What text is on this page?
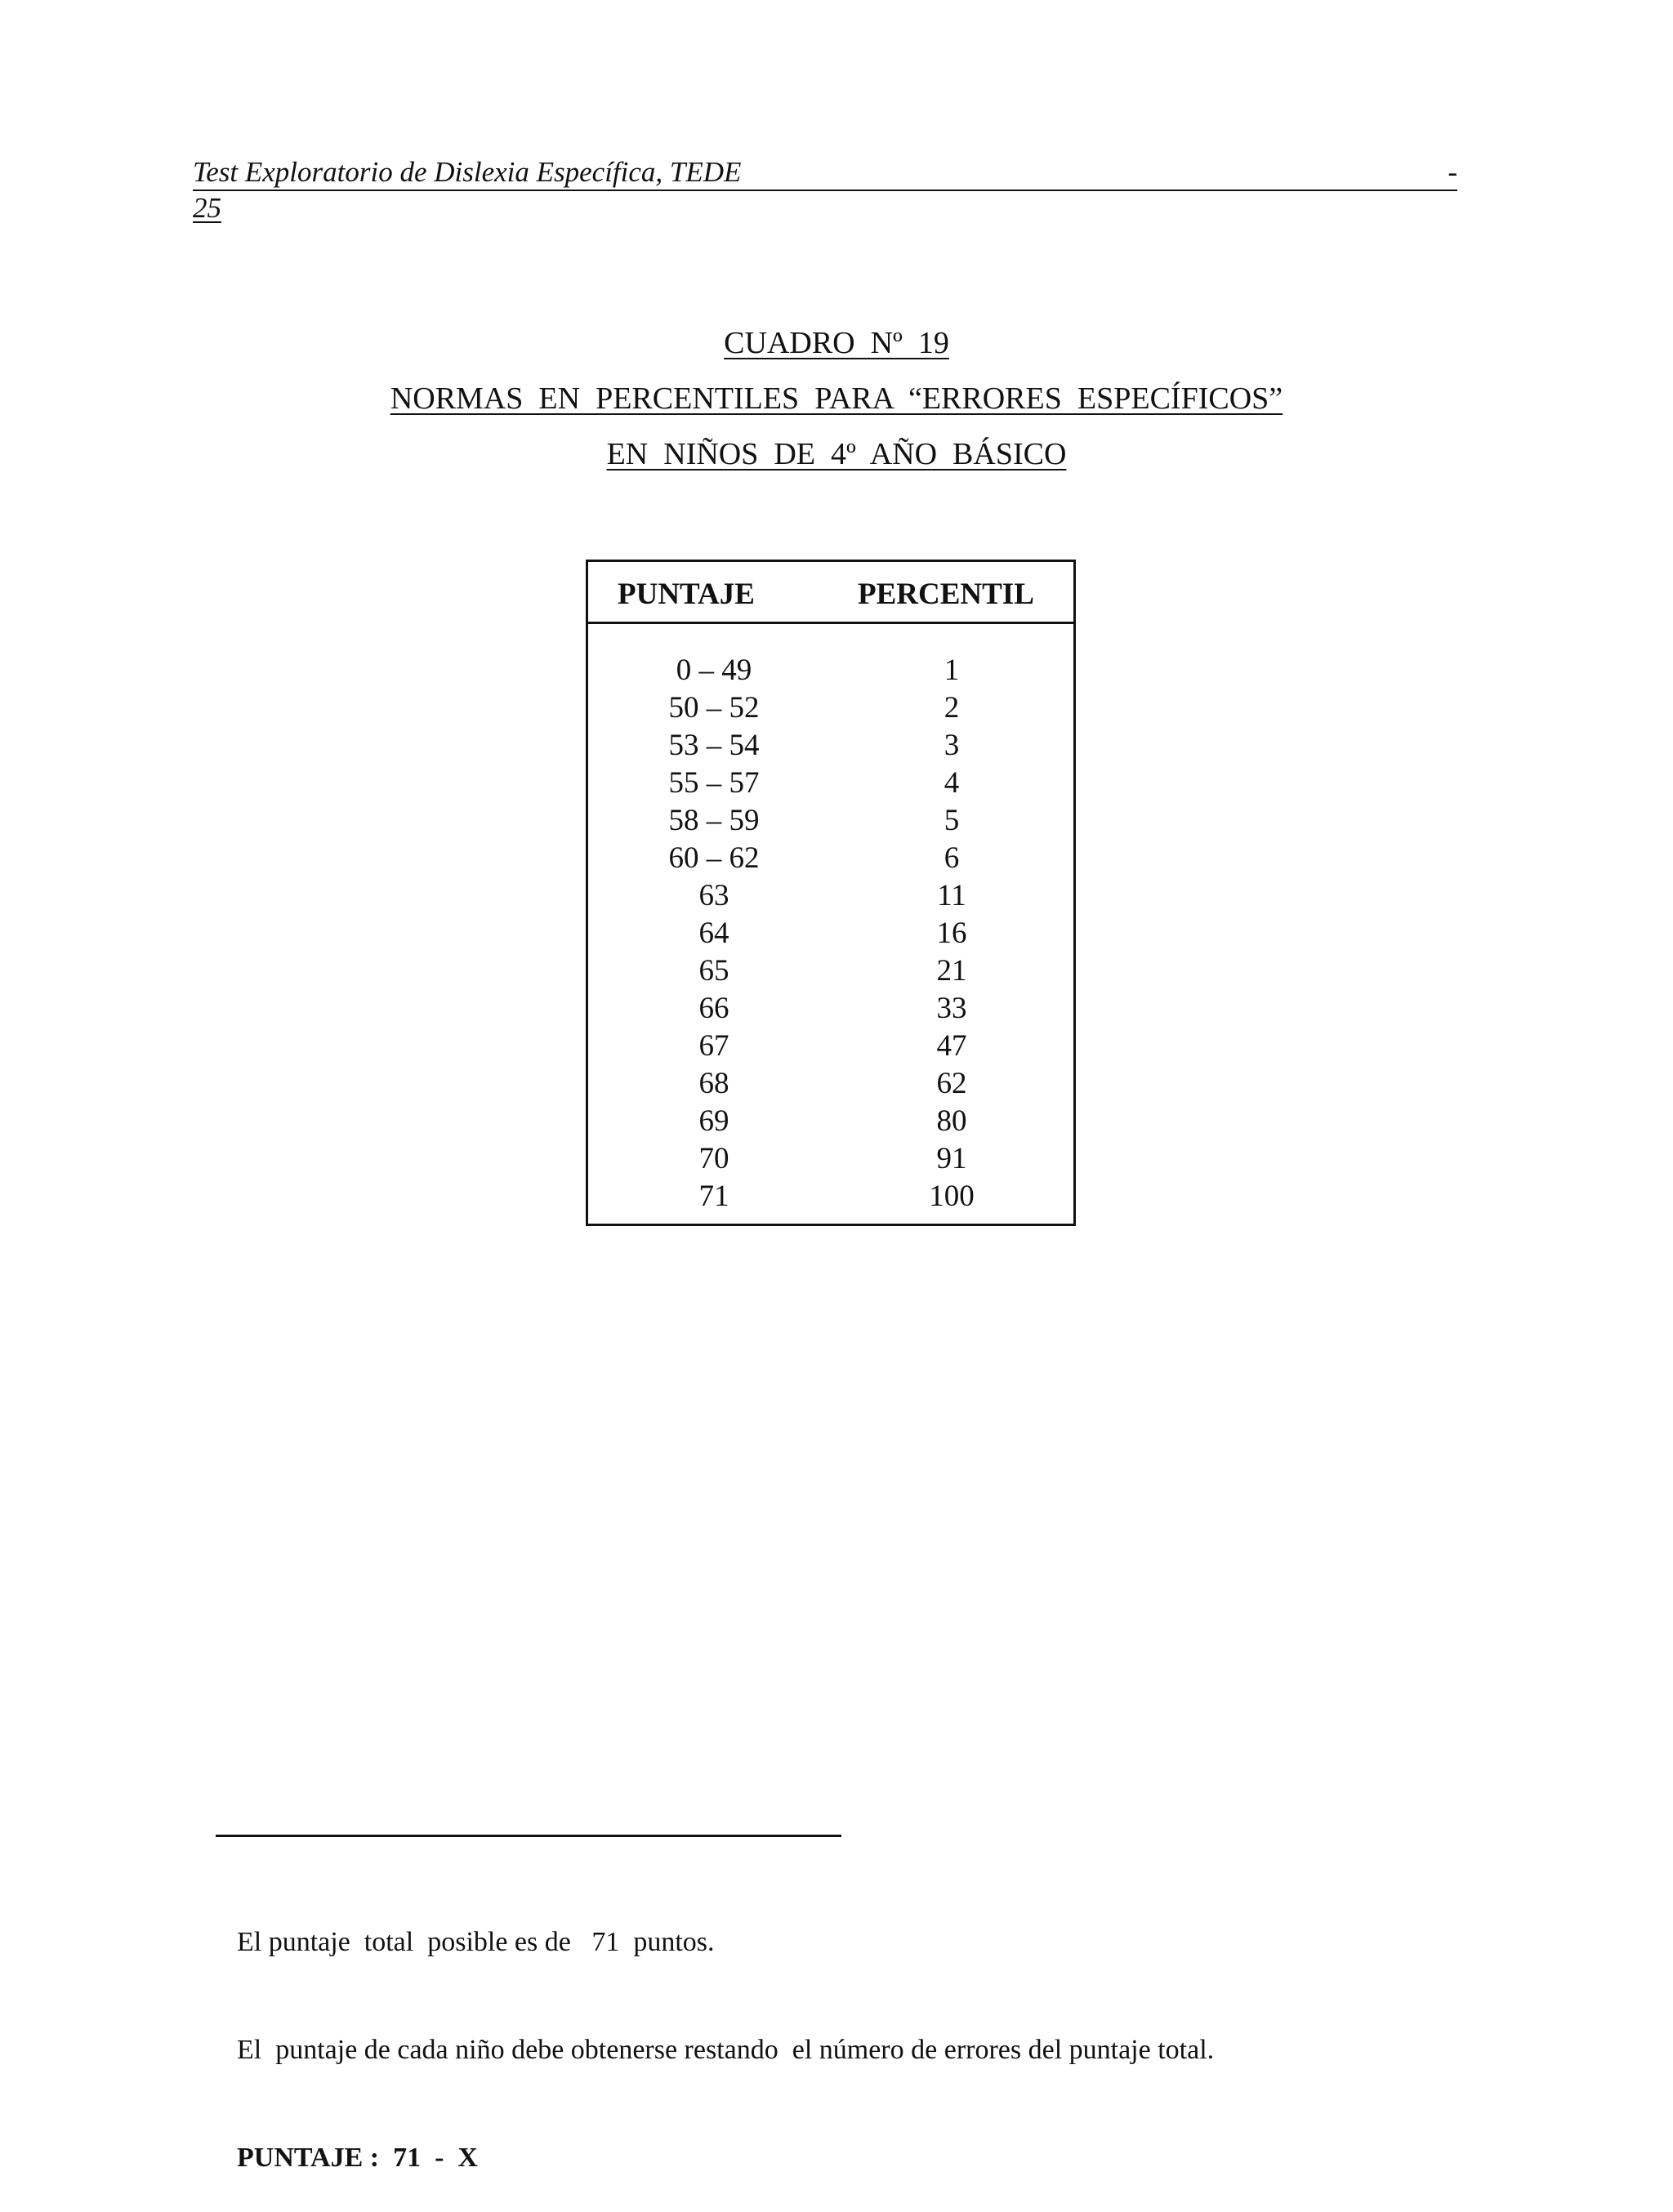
Test Exploratorio de Dislexia Específica, TEDE	-
25
CUADRO  Nº  19
NORMAS  EN  PERCENTILES  PARA  “ERRORES  ESPECÍFICOS”
EN  NIÑOS  DE  4º  AÑO  BÁSICO
PUNTAJE	PERCENTIL
0 – 49	1
50 – 52	2
53 – 54	3
55 – 57	4
58 – 59	5
60 – 62	6
63	11
64	16
65	21
66	33
67	47
68	62
69	80
70	91
71	100

El puntaje  total  posible es de   71  puntos.

El  puntaje de cada niño debe obtenerse restando  el número de errores del puntaje total.

PUNTAJE :  71  -  X
